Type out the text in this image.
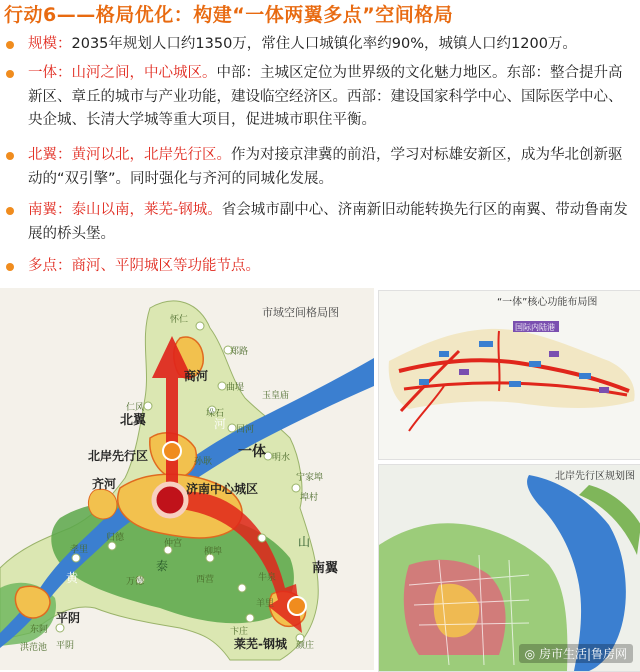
行动6——格局优化：构建“一体两翼多点”空间格局
规模：2035年规划人口约1350万，常住人口城镇化率约90%，城镇人口约1200万。
一体：山河之间，中心城区。中部：主城区定位为世界级的文化魅力地区。东部：整合提升高新区、章丘的城市与产业功能，建设临空经济区。西部：建设国家科学中心、国际医学中心、央企城、长清大学城等重大项目，促进城市职住平衡。
北翼：黄河以北，北岸先行区。作为对接京津冀的前沿，学习对标雄安新区，成为华北创新驱动的“双引擎”。同时强化与齐河的同城化发展。
南翼：泰山以南，莱芜-钢城。省会城市副中心、济南新旧动能转换先行区的南翼、带动鲁南发展的桥头堡。
多点：商河、平阴城区等功能节点。
商河
北翼
北岸先行区	一体
齐河	济南中心城区
南翼
平阴
莱芜-钢城
泰
山
黄
河
市域空间格局图
怀仁
郑路
曲堤
玉皇庙
垛石
回河
仁风
明水
宁家埠
孙耿
埠村
归德
孝里
东阿
洪范池 平阴
万德
柳埠
仲宫
西营
羊里
颜庄
卞庄
牛泉
国际内陆港
“一体”核心功能布局图
北岸先行区规划图
◎ 房市生活|鲁房网
